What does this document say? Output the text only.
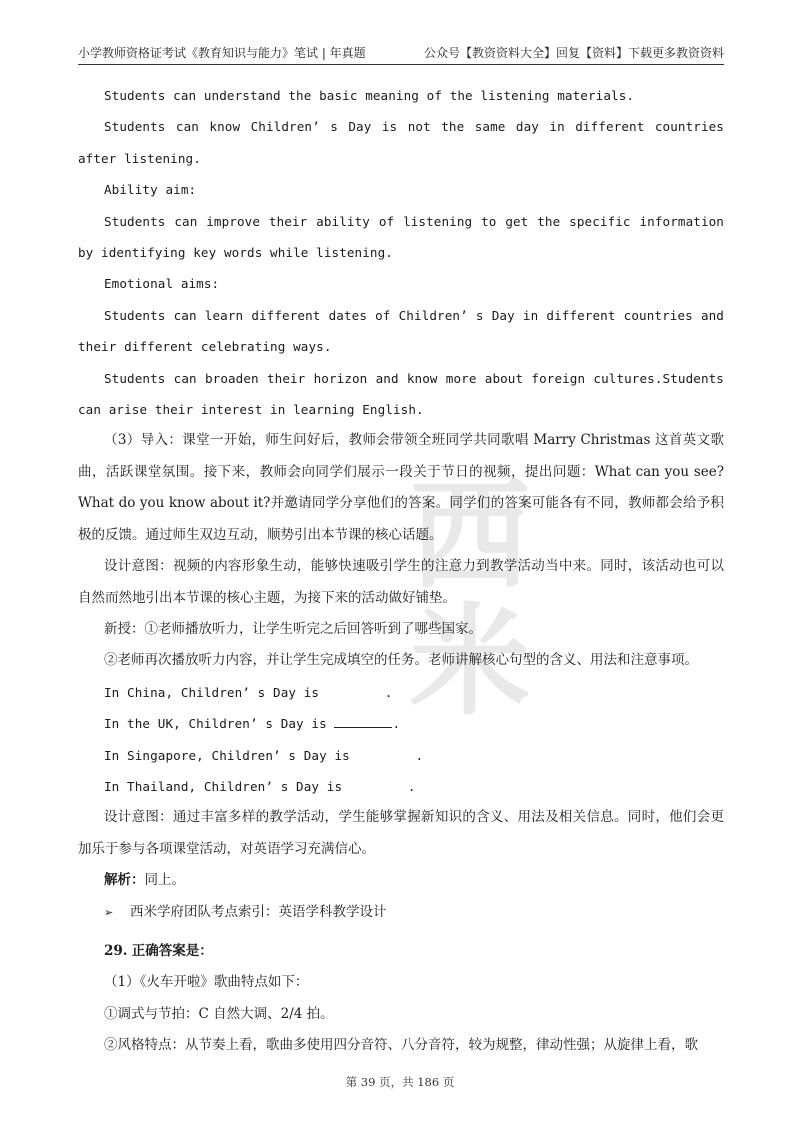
小学教师资格证考试《教育知识与能力》笔试 | 年真题	公众号【教资资料大全】回复【资料】下载更多教资资料
西
米

Students can understand the basic meaning of the listening materials.

Students can know Children’ s Day is not the same day in different countries after listening.

Ability aim:

Students can improve their ability of listening to get the specific information by identifying key words while listening.

Emotional aims:

Students can learn different dates of Children’ s Day in different countries and their different celebrating ways.

Students can broaden their horizon and know more about foreign cultures.Students can arise their interest in learning English.

（3）导入：课堂一开始，师生问好后，教师会带领全班同学共同歌唱 Marry Christmas 这首英文歌曲，活跃课堂氛围。接下来，教师会向同学们展示一段关于节日的视频，提出问题：What can you see? What do you know about it?并邀请同学分享他们的答案。同学们的答案可能各有不同，教师都会给予积极的反馈。通过师生双边互动，顺势引出本节课的核心话题。

设计意图：视频的内容形象生动，能够快速吸引学生的注意力到教学活动当中来。同时，该活动也可以自然而然地引出本节课的核心主题，为接下来的活动做好铺垫。

新授：①老师播放听力，让学生听完之后回答听到了哪些国家。

②老师再次播放听力内容，并让学生完成填空的任务。老师讲解核心句型的含义、用法和注意事项。

In China, Children’ s Day is	.

In the UK, Children’ s Day is	.

In Singapore, Children’ s Day is	.

In Thailand, Children’ s Day is	.

设计意图：通过丰富多样的教学活动，学生能够掌握新知识的含义、用法及相关信息。同时，他们会更加乐于参与各项课堂活动，对英语学习充满信心。

解析：同上。

➢ 西米学府团队考点索引：英语学科教学设计

29. 正确答案是：

（1）《火车开啦》歌曲特点如下：

①调式与节拍：C 自然大调、2/4 拍。

②风格特点：从节奏上看，歌曲多使用四分音符、八分音符，较为规整，律动性强；从旋律上看，歌

第 39 页，共 186 页
